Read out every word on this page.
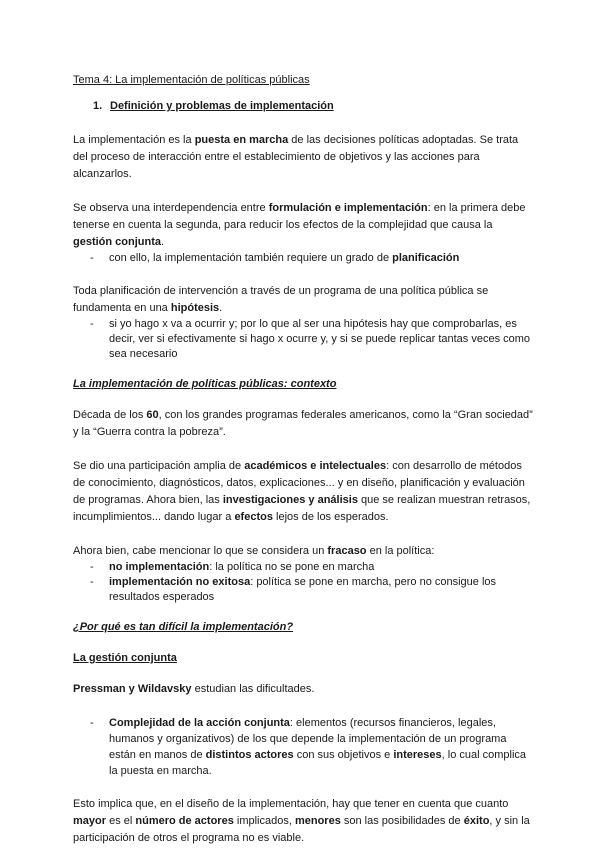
Tema 4: La implementación de políticas públicas

1. Definición y problemas de implementación

La implementación es la puesta en marcha de las decisiones políticas adoptadas. Se trata del proceso de interacción entre el establecimiento de objetivos y las acciones para alcanzarlos.

Se observa una interdependencia entre formulación e implementación: en la primera debe tenerse en cuenta la segunda, para reducir los efectos de la complejidad que causa la gestión conjunta.

- con ello, la implementación también requiere un grado de planificación

Toda planificación de intervención a través de un programa de una política pública se fundamenta en una hipótesis.

- si yo hago x va a ocurrir y; por lo que al ser una hipótesis hay que comprobarlas, es decir, ver si efectivamente si hago x ocurre y, y si se puede replicar tantas veces como sea necesario

La implementación de políticas públicas: contexto

Década de los 60, con los grandes programas federales americanos, como la “Gran sociedad” y la “Guerra contra la pobreza”.

Se dio una participación amplia de académicos e intelectuales: con desarrollo de métodos de conocimiento, diagnósticos, datos, explicaciones... y en diseño, planificación y evaluación de programas. Ahora bien, las investigaciones y análisis que se realizan muestran retrasos, incumplimientos... dando lugar a efectos lejos de los esperados.

Ahora bien, cabe mencionar lo que se considera un fracaso en la política:

- no implementación: la política no se pone en marcha
- implementación no exitosa: política se pone en marcha, pero no consigue los resultados esperados

¿Por qué es tan difícil la implementación?

La gestión conjunta

Pressman y Wildavsky estudian las dificultades.

- Complejidad de la acción conjunta: elementos (recursos financieros, legales, humanos y organizativos) de los que depende la implementación de un programa están en manos de distintos actores con sus objetivos e intereses, lo cual complica la puesta en marcha.

Esto implica que, en el diseño de la implementación, hay que tener en cuenta que cuanto mayor es el número de actores implicados, menores son las posibilidades de éxito, y sin la participación de otros el programa no es viable.
